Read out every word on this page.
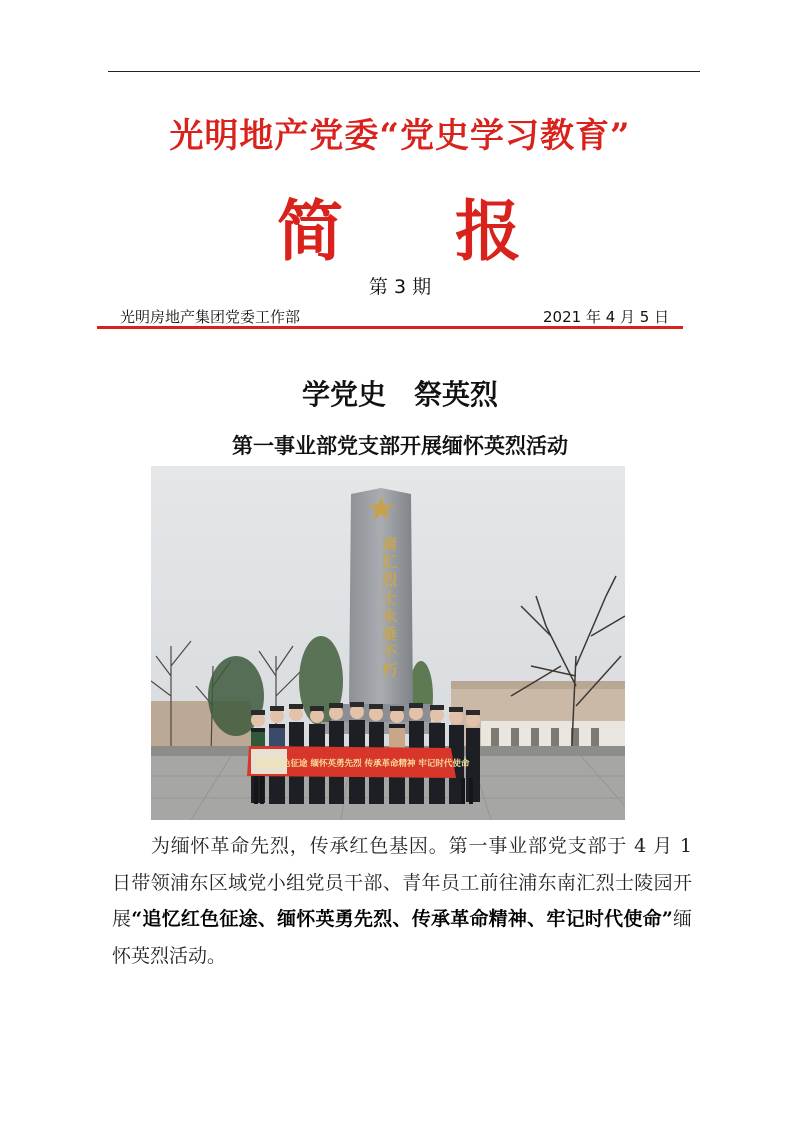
光明地产党委“党史学习教育”
简 报
第 3 期
光明房地产集团党委工作部	2021 年 4 月 5 日
学党史　祭英烈
第一事业部党支部开展缅怀英烈活动
南汇烈士永垂不朽
追忆红色征途 缅怀英勇先烈 传承革命精神 牢记时代使命
为缅怀革命先烈，传承红色基因。第一事业部党支部于 4 月 1 日带领浦东区域党小组党员干部、青年员工前往浦东南汇烈士陵园开展“追忆红色征途、缅怀英勇先烈、传承革命精神、牢记时代使命”缅怀英烈活动。
